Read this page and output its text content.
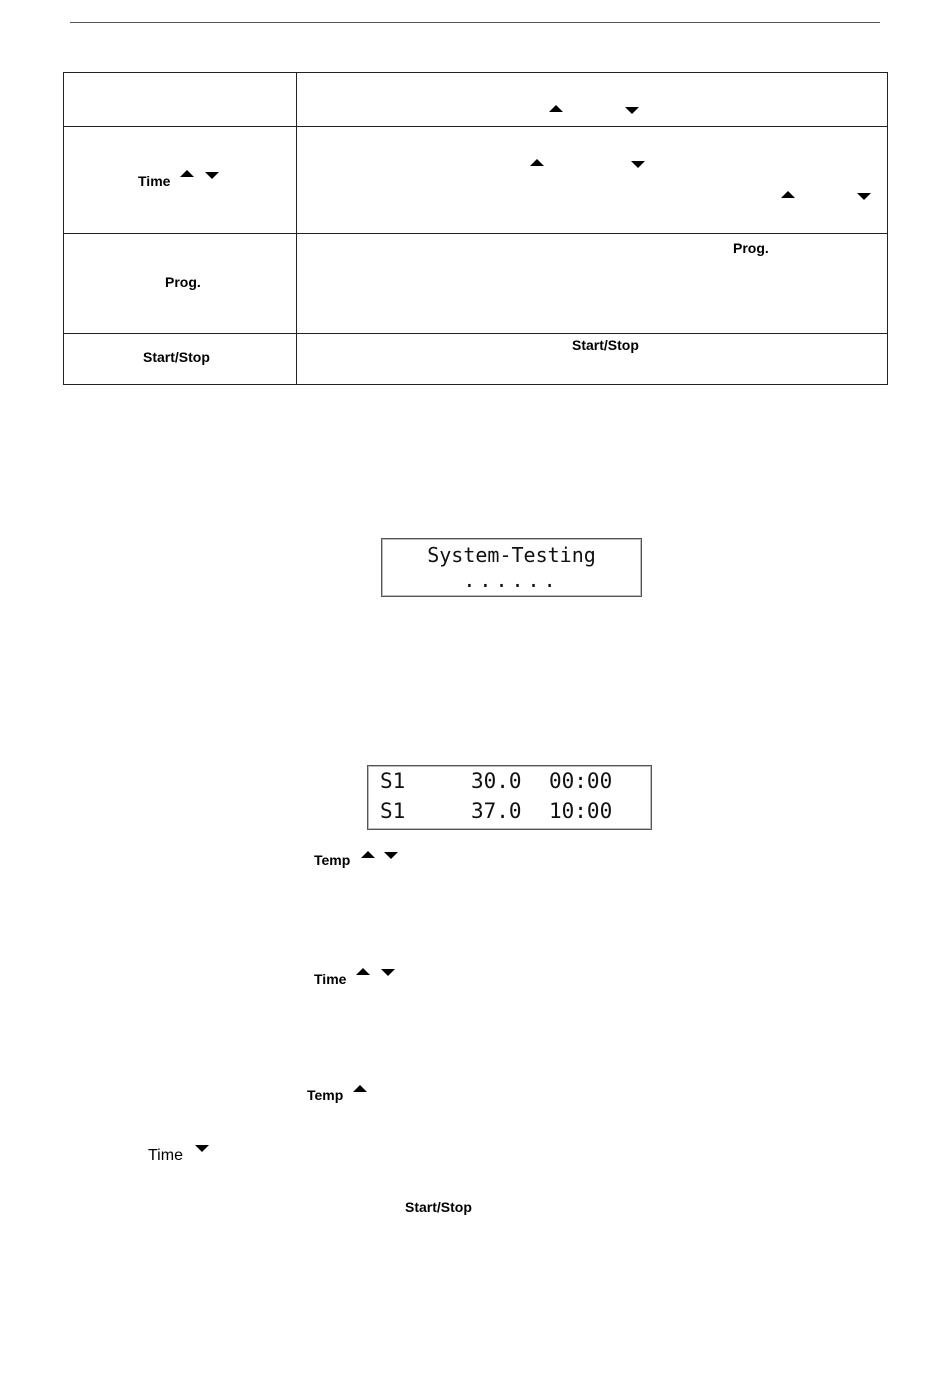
Time	

Prog.	Prog.

Start/Stop	Start/Stop
System-Testing
......
S1	30.0 00:00
S1	37.0 10:00
Temp
Time
Temp
Time
Start/Stop
